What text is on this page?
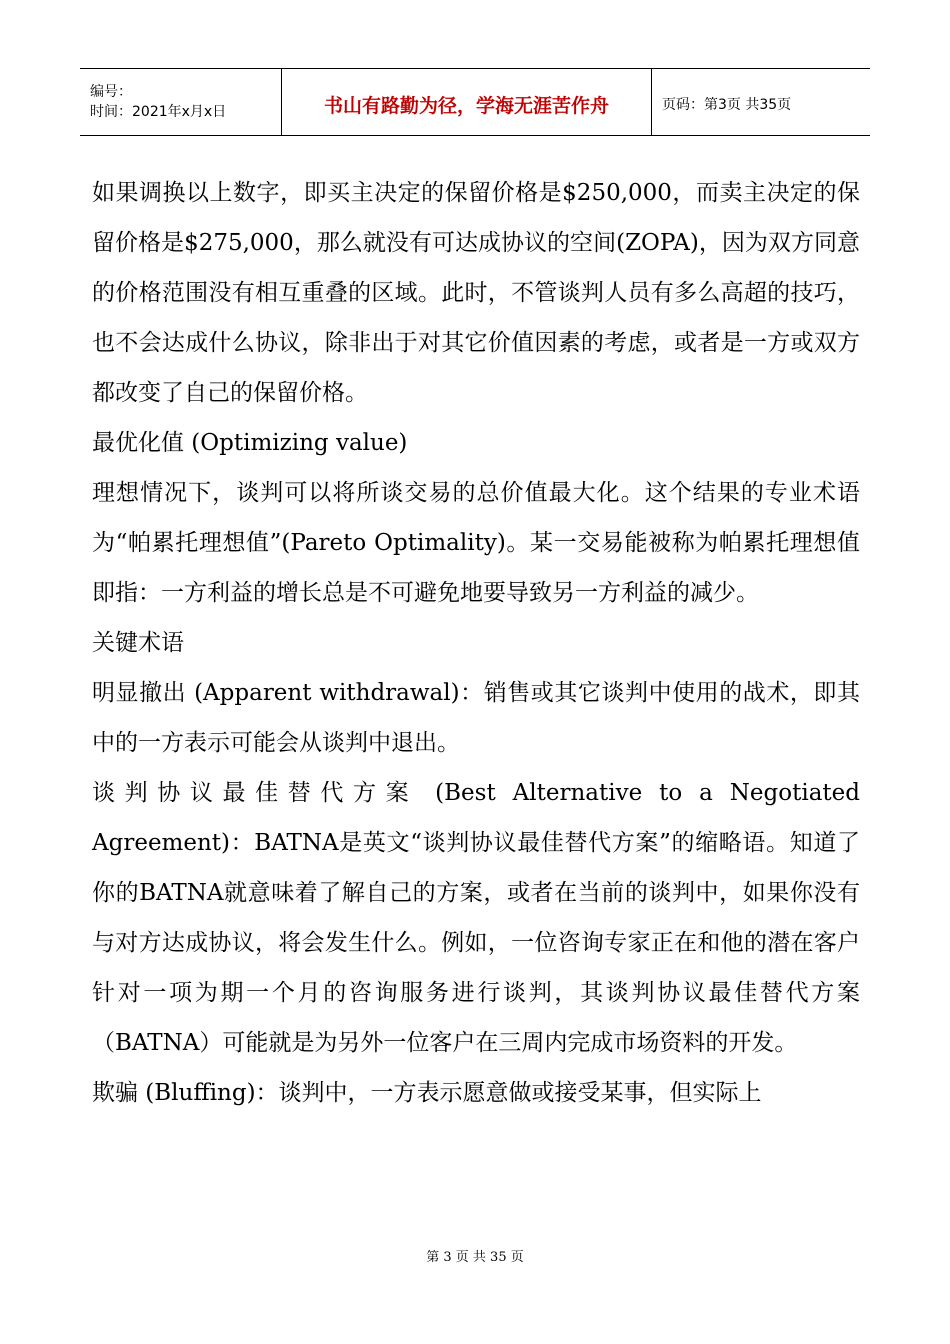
编号：
时间：2021年x月x日	书山有路勤为径，学海无涯苦作舟	页码：第3页 共35页

如果调换以上数字，即买主决定的保留价格是$250,000，而卖主决定的保留价格是$275,000，那么就没有可达成协议的空间(ZOPA)，因为双方同意的价格范围没有相互重叠的区域。此时，不管谈判人员有多么高超的技巧，也不会达成什么协议，除非出于对其它价值因素的考虑，或者是一方或双方都改变了自己的保留价格。

最优化值 (Optimizing value)

理想情况下，谈判可以将所谈交易的总价值最大化。这个结果的专业术语为“帕累托理想值”(Pareto Optimality)。某一交易能被称为帕累托理想值即指：一方利益的增长总是不可避免地要导致另一方利益的减少。

关键术语

明显撤出 (Apparent withdrawal)：销售或其它谈判中使用的战术，即其中的一方表示可能会从谈判中退出。

谈判协议最佳替代方案 (Best Alternative to a Negotiated Agreement)：BATNA是英文“谈判协议最佳替代方案”的缩略语。知道了你的BATNA就意味着了解自己的方案，或者在当前的谈判中，如果你没有与对方达成协议，将会发生什么。例如，一位咨询专家正在和他的潜在客户针对一项为期一个月的咨询服务进行谈判，其谈判协议最佳替代方案（BATNA）可能就是为另外一位客户在三周内完成市场资料的开发。

欺骗 (Bluffing)：谈判中，一方表示愿意做或接受某事，但实际上

第 3 页 共 35 页
